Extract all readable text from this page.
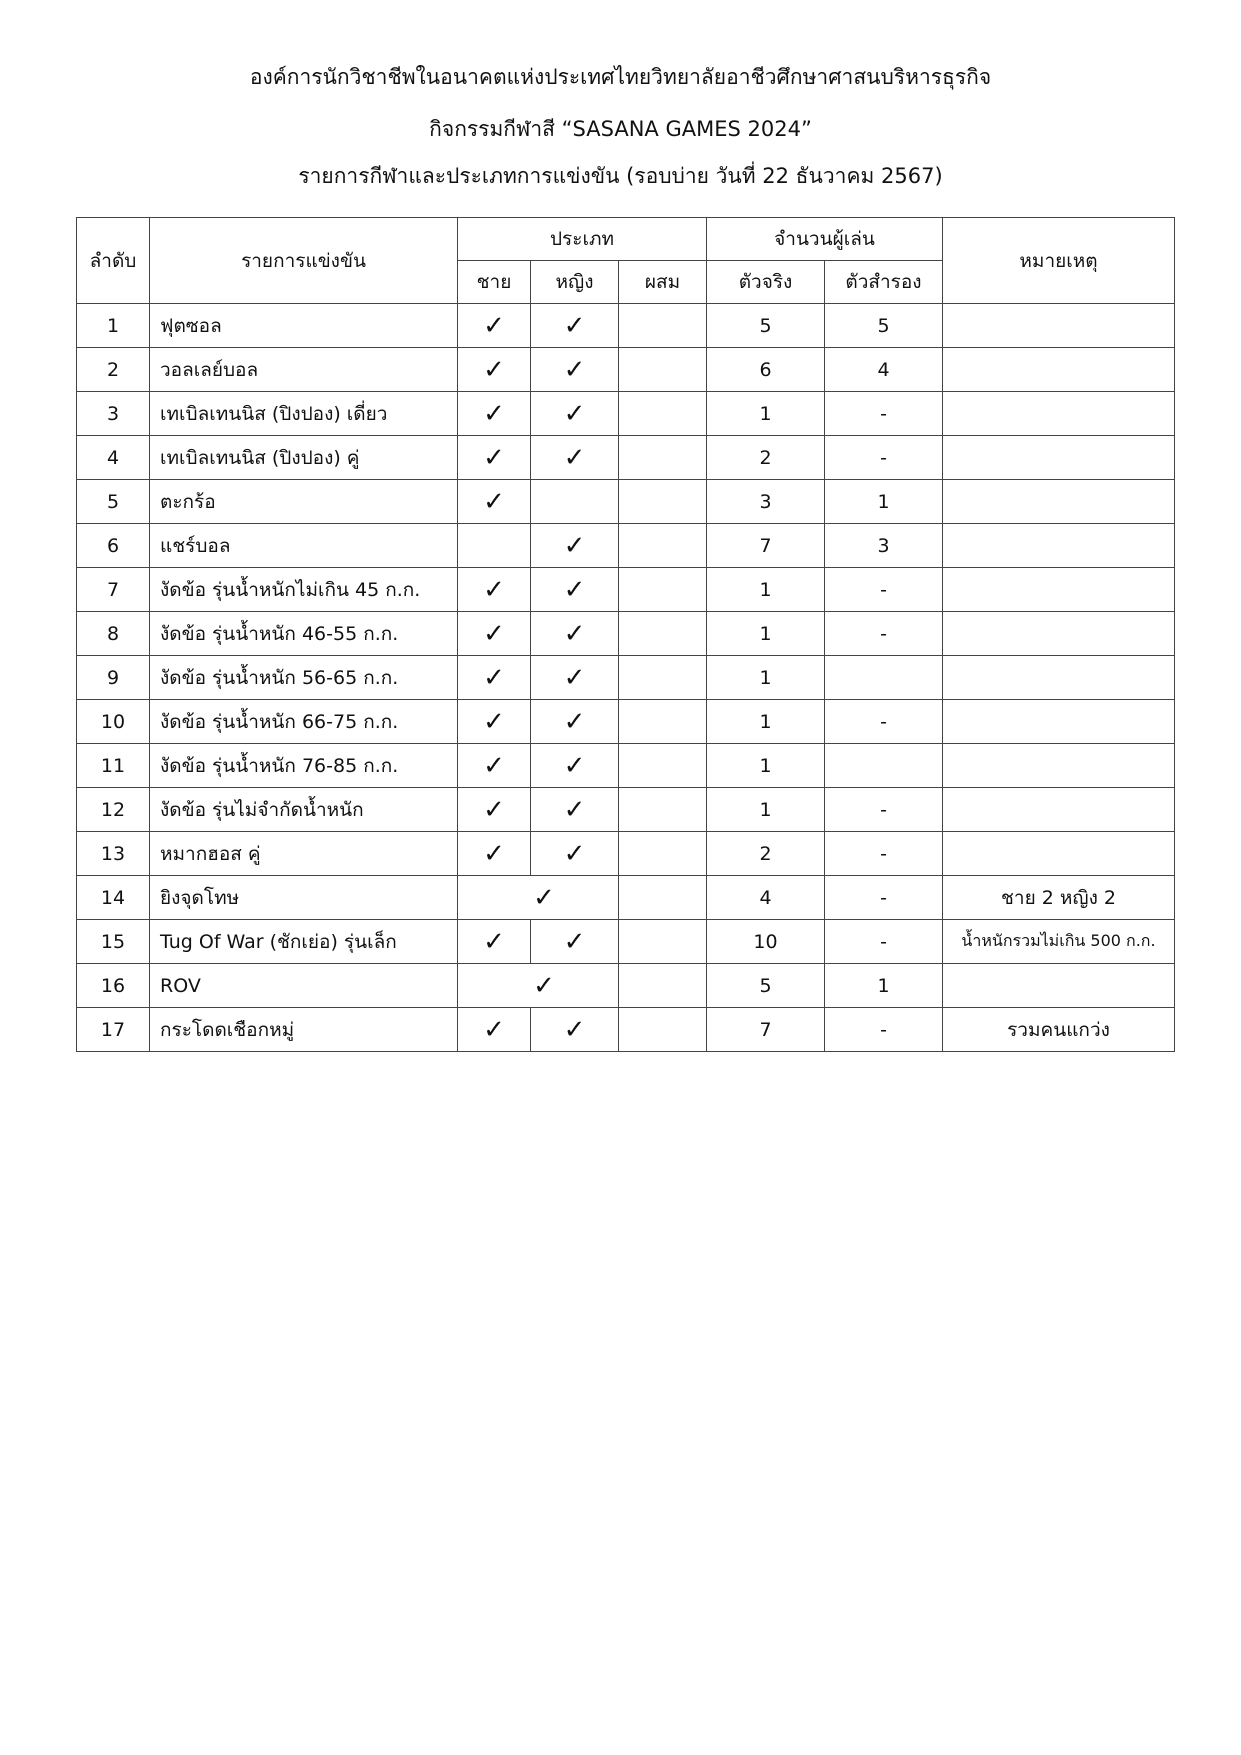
องค์การนักวิชาชีพในอนาคตแห่งประเทศไทยวิทยาลัยอาชีวศึกษาศาสนบริหารธุรกิจ
กิจกรรมกีฬาสี “SASANA GAMES 2024”
รายการกีฬาและประเภทการแข่งขัน (รอบบ่าย วันที่ 22 ธันวาคม 2567)
ลำดับ	รายการแข่งขัน	ประเภท			จำนวนผู้เล่น		หมายเหตุ
		ชาย	หญิง	ผสม	ตัวจริง	ตัวสำรอง	
1	ฟุตซอล	✓	✓		5	5	
2	วอลเลย์บอล	✓	✓		6	4	
3	เทเบิลเทนนิส (ปิงปอง) เดี่ยว	✓	✓		1	-	
4	เทเบิลเทนนิส (ปิงปอง) คู่	✓	✓		2	-	
5	ตะกร้อ	✓			3	1	
6	แชร์บอล		✓		7	3	
7	งัดข้อ รุ่นน้ำหนักไม่เกิน 45 ก.ก.	✓	✓		1	-	
8	งัดข้อ รุ่นน้ำหนัก 46-55 ก.ก.	✓	✓		1	-	
9	งัดข้อ รุ่นน้ำหนัก 56-65 ก.ก.	✓	✓		1		
10	งัดข้อ รุ่นน้ำหนัก 66-75 ก.ก.	✓	✓		1	-	
11	งัดข้อ รุ่นน้ำหนัก 76-85 ก.ก.	✓	✓		1		
12	งัดข้อ รุ่นไม่จำกัดน้ำหนัก	✓	✓		1	-	
13	หมากฮอส คู่	✓	✓		2	-	
14	ยิงจุดโทษ	✓			4	-	ชาย 2 หญิง 2
15	Tug Of War (ชักเย่อ) รุ่นเล็ก	✓	✓		10	-	น้ำหนักรวมไม่เกิน 500 ก.ก.
16	ROV	✓			5	1	
17	กระโดดเชือกหมู่	✓	✓		7	-	รวมคนแกว่ง
